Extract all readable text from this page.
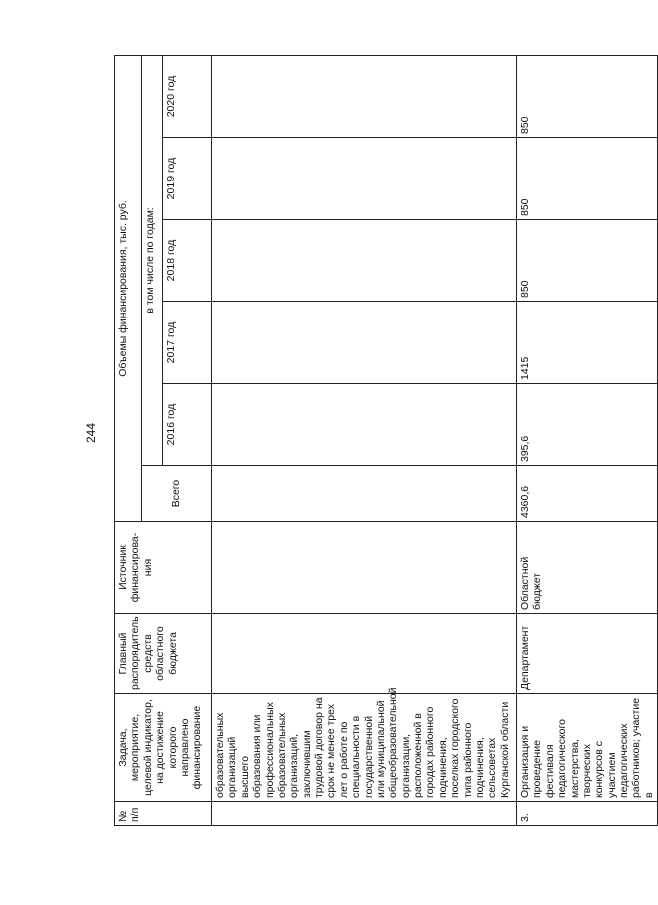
244
№ п/п	Задача, мероприятие, целевой индикатор, на достижение которого направлено финансирование	Главный распорядитель средств областного бюджета	Источник финансирова-ния	Объемы финансирования, тыс. руб.					
				Всего	в том числе по годам:				
					2016 год	2017 год	2018 год	2019 год	2020 год
	образовательных организаций высшего образования или профессиональных образовательных организаций, заключившим трудовой договор на срок не менее трех лет о работе по специальности в государственной или муниципальной общеобразовательной организации, расположенной в городах районного подчинения, поселках городского типа районного подчинения, сельсоветах Курганской области								
3.	Организация и проведение фестиваля педагогического мастерства, творческих конкурсов с участием педагогических работников; участие в	Департамент	Областной бюджет	4360,6	395,6	1415	850	850	850
